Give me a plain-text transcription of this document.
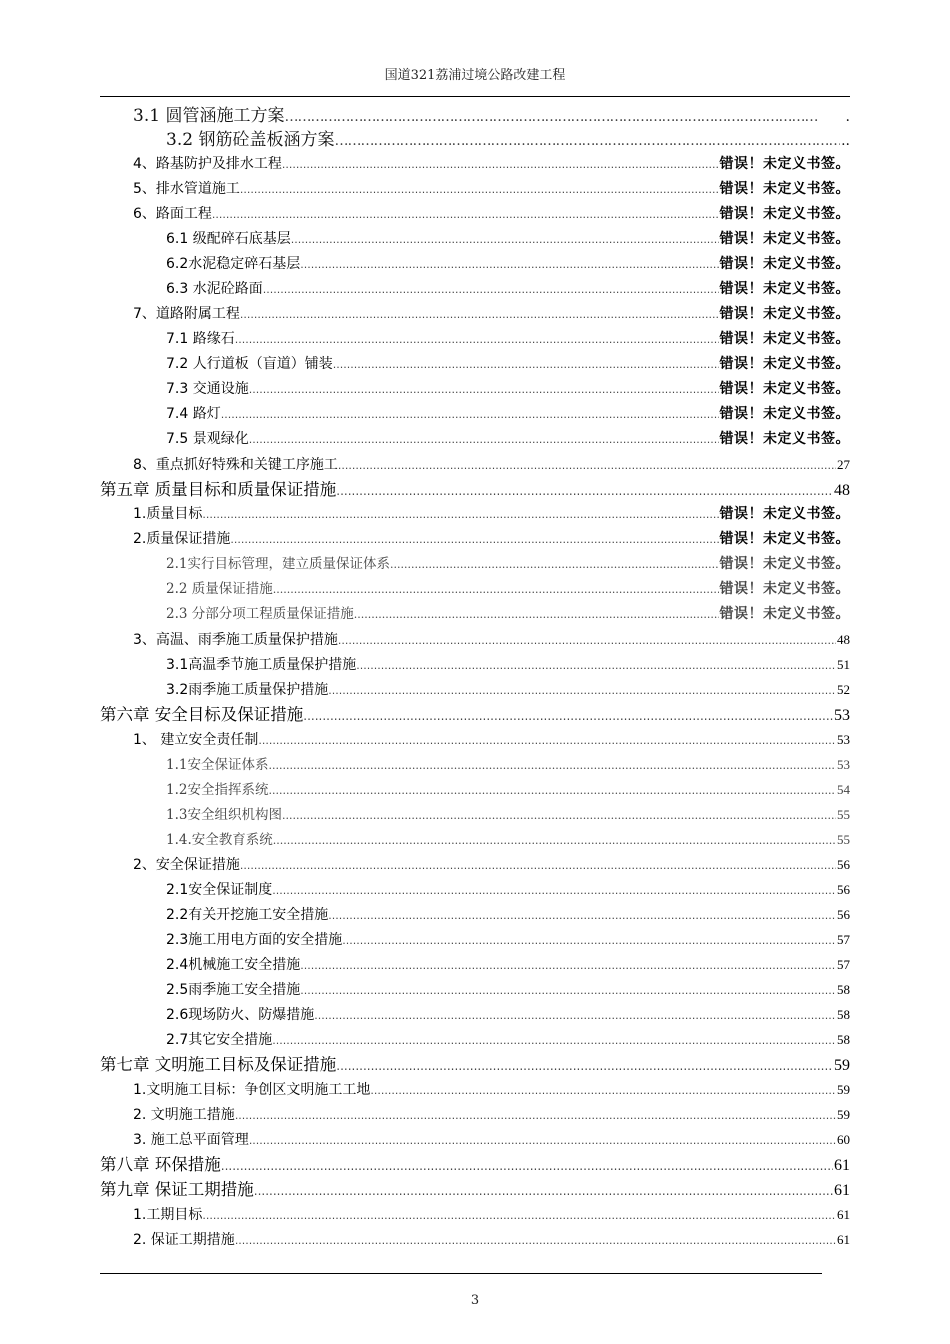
国道321荔浦过境公路改建工程
3.1 圆管涵施工方案 ……………………………………………………………………………………………………………	.
3.2 钢筋砼盖板涵方案 ……………………………………………………………………………………………………………	..
4、路基防护及排水工程 .....	错误！未定义书签。
5、排水管道施工 .....	错误！未定义书签。
6、路面工程 .....	错误！未定义书签。
6.1 级配碎石底基层 .....	错误！未定义书签。
6.2水泥稳定碎石基层 .....	错误！未定义书签。
6.3 水泥砼路面 .....	错误！未定义书签。
7、道路附属工程 .....	错误！未定义书签。
7.1 路缘石 .....	错误！未定义书签。
7.2 人行道板（盲道）铺装 .....	错误！未定义书签。
7.3 交通设施 .....	错误！未定义书签。
7.4 路灯 .....	错误！未定义书签。
7.5 景观绿化 .....	错误！未定义书签。
8、重点抓好特殊和关键工序施工 .....	27
第五章 质量目标和质量保证措施 .....	48
1.质量目标 .....	错误！未定义书签。
2.质量保证措施 .....	错误！未定义书签。
2.1实行目标管理，建立质量保证体系 .....	错误！未定义书签。
2.2 质量保证措施 .....	错误！未定义书签。
2.3 分部分项工程质量保证措施 .....	错误！未定义书签。
3、高温、雨季施工质量保护措施 .....	48
3.1高温季节施工质量保护措施 .....	51
3.2雨季施工质量保护措施 .....	52
第六章 安全目标及保证措施 .....	53
1、 建立安全责任制 .....	53
1.1安全保证体系 .....	53
1.2安全指挥系统 .....	54
1.3安全组织机构图 .....	55
1.4.安全教育系统 .....	55
2、安全保证措施 .....	56
2.1安全保证制度 .....	56
2.2有关开挖施工安全措施 .....	56
2.3施工用电方面的安全措施 .....	57
2.4机械施工安全措施 .....	57
2.5雨季施工安全措施 .....	58
2.6现场防火、防爆措施 .....	58
2.7其它安全措施 .....	58
第七章 文明施工目标及保证措施 .....	59
1.文明施工目标：争创区文明施工工地 .....	59
2. 文明施工措施 .....	59
3. 施工总平面管理 .....	60
第八章 环保措施 .....	61
第九章 保证工期措施 .....	61
1.工期目标 .....	61
2. 保证工期措施 .....	61
3
